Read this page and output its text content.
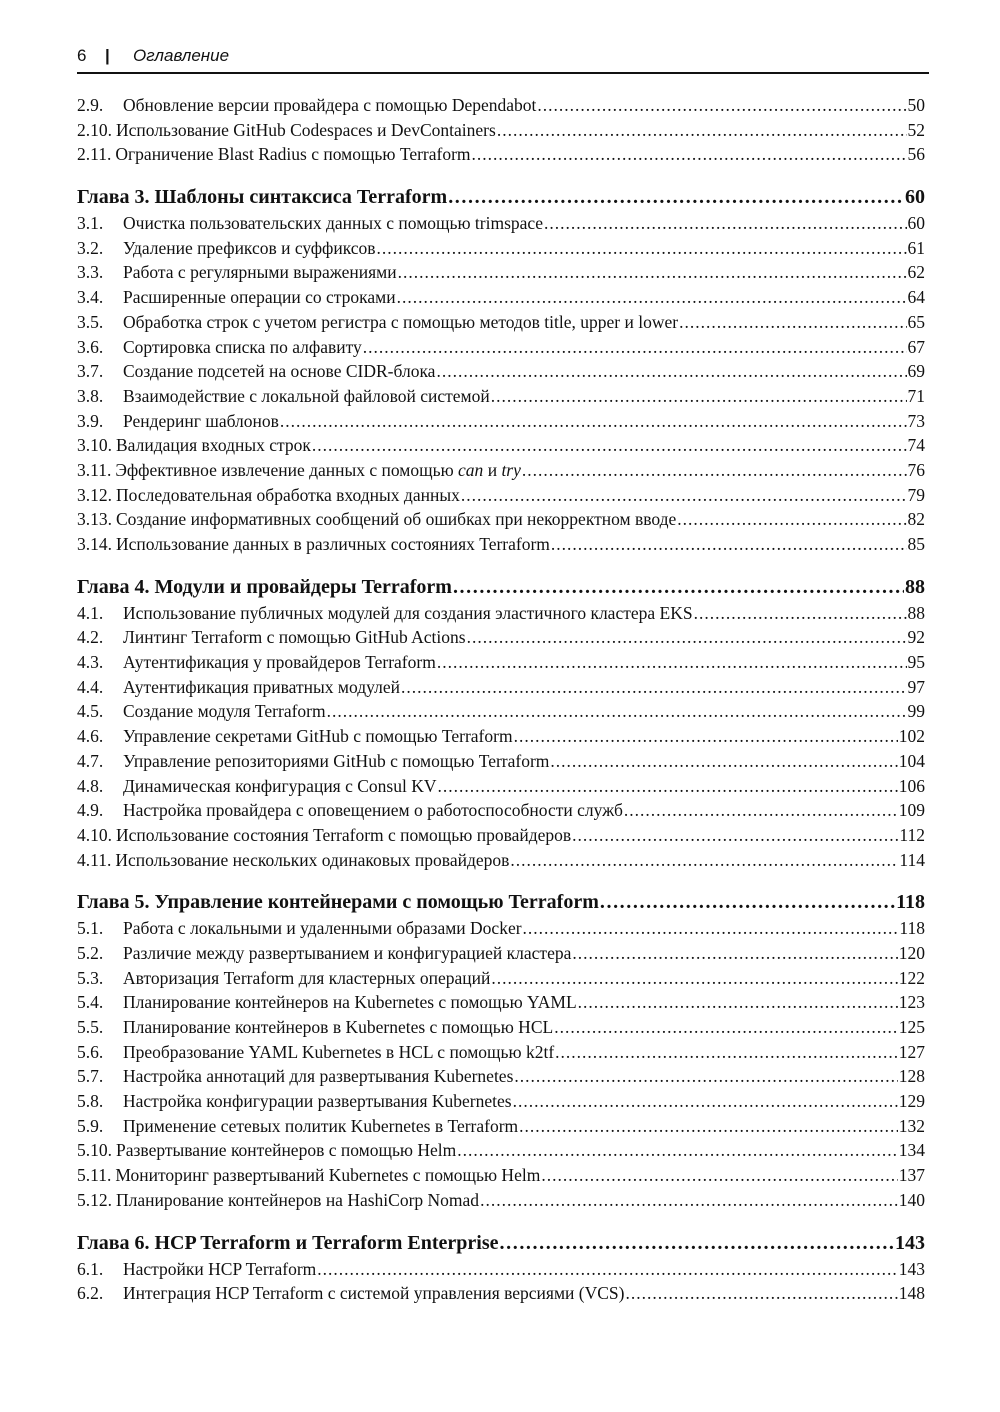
6 | Оглавление
2.9.	Обновление версии провайдера с помощью Dependabot .....	50
2.10. Использование GitHub Codespaces и DevContainers .....	52
2.11. Ограничение Blast Radius с помощью Terraform .....	56
Глава 3. Шаблоны синтаксиса Terraform .....	60
3.1.	Очистка пользовательских данных с помощью trimspace .....	60
3.2.	Удаление префиксов и суффиксов .....	61
3.3.	Работа с регулярными выражениями .....	62
3.4.	Расширенные операции со строками .....	64
3.5.	Обработка строк с учетом регистра с помощью методов title, upper и lower .....	65
3.6.	Сортировка списка по алфавиту .....	67
3.7.	Создание подсетей на основе CIDR-блока .....	69
3.8.	Взаимодействие с локальной файловой системой .....	71
3.9.	Рендеринг шаблонов .....	73
3.10. Валидация входных строк .....	74
3.11. Эффективное извлечение данных с помощью can и try .....	76
3.12. Последовательная обработка входных данных .....	79
3.13. Создание информативных сообщений об ошибках при некорректном вводе .....	82
3.14. Использование данных в различных состояниях Terraform .....	85
Глава 4. Модули и провайдеры Terraform .....	88
4.1.	Использование публичных модулей для создания эластичного кластера EKS .....	88
4.2.	Линтинг Terraform с помощью GitHub Actions .....	92
4.3.	Аутентификация у провайдеров Terraform .....	95
4.4.	Аутентификация приватных модулей .....	97
4.5.	Создание модуля Terraform .....	99
4.6.	Управление секретами GitHub с помощью Terraform .....	102
4.7.	Управление репозиториями GitHub с помощью Terraform .....	104
4.8.	Динамическая конфигурация с Consul KV .....	106
4.9.	Настройка провайдера с оповещением о работоспособности служб .....	109
4.10. Использование состояния Terraform с помощью провайдеров .....	112
4.11. Использование нескольких одинаковых провайдеров .....	114
Глава 5. Управление контейнерами с помощью Terraform .....	118
5.1.	Работа с локальными и удаленными образами Docker .....	118
5.2.	Различие между развертыванием и конфигурацией кластера .....	120
5.3.	Авторизация Terraform для кластерных операций .....	122
5.4.	Планирование контейнеров на Kubernetes с помощью YAML .....	123
5.5.	Планирование контейнеров в Kubernetes с помощью HCL .....	125
5.6.	Преобразование YAML Kubernetes в HCL с помощью k2tf .....	127
5.7.	Настройка аннотаций для развертывания Kubernetes .....	128
5.8.	Настройка конфигурации развертывания Kubernetes .....	129
5.9.	Применение сетевых политик Kubernetes в Terraform .....	132
5.10. Развертывание контейнеров с помощью Helm .....	134
5.11. Мониторинг развертываний Kubernetes с помощью Helm .....	137
5.12. Планирование контейнеров на HashiCorp Nomad .....	140
Глава 6. HCP Terraform и Terraform Enterprise .....	143
6.1.	Настройки HCP Terraform .....	143
6.2.	Интеграция HCP Terraform с системой управления версиями (VCS) .....	148
